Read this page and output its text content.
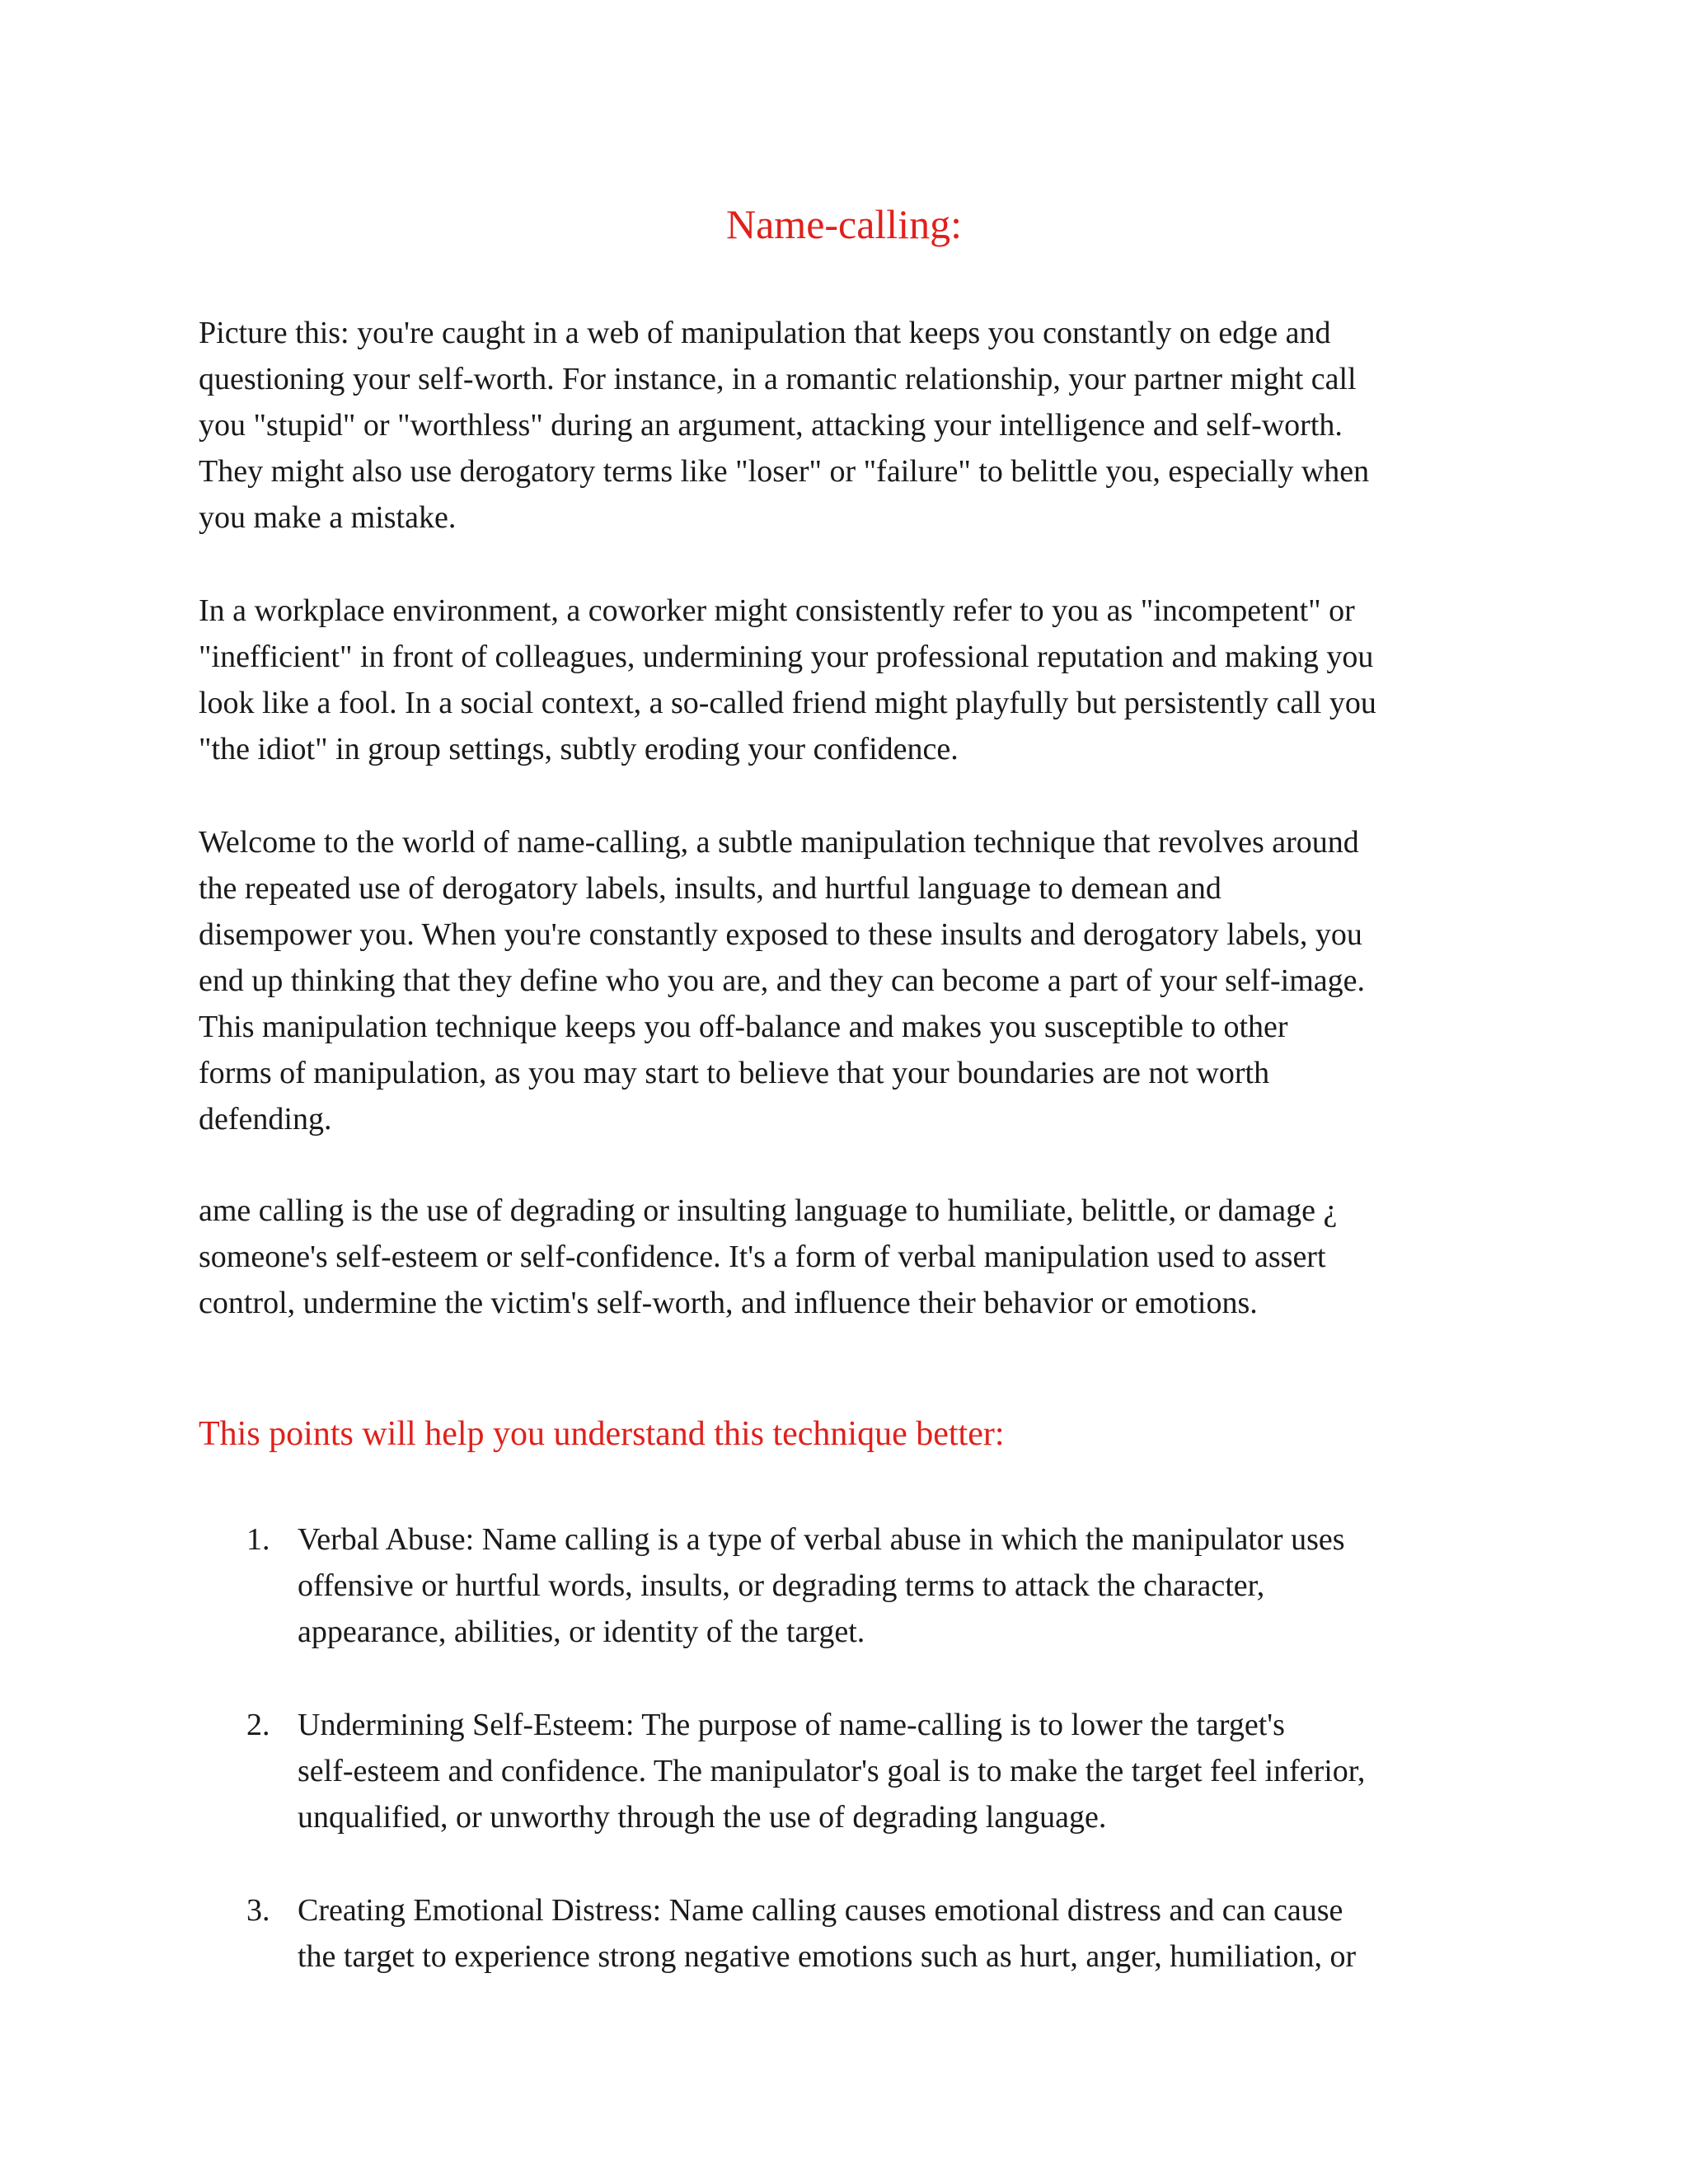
Name-calling:

Picture this: you're caught in a web of manipulation that keeps you constantly on edge and
questioning your self-worth. For instance, in a romantic relationship, your partner might call
you "stupid" or "worthless" during an argument, attacking your intelligence and self-worth.
They might also use derogatory terms like "loser" or "failure" to belittle you, especially when
you make a mistake.

In a workplace environment, a coworker might consistently refer to you as "incompetent" or
"inefficient" in front of colleagues, undermining your professional reputation and making you
look like a fool. In a social context, a so-called friend might playfully but persistently call you
"the idiot" in group settings, subtly eroding your confidence.

Welcome to the world of name-calling, a subtle manipulation technique that revolves around
the repeated use of derogatory labels, insults, and hurtful language to demean and
disempower you. When you're constantly exposed to these insults and derogatory labels, you
end up thinking that they define who you are, and they can become a part of your self-image.
This manipulation technique keeps you off-balance and makes you susceptible to other
forms of manipulation, as you may start to believe that your boundaries are not worth
defending.

ame calling is the use of degrading or insulting language to humiliate, belittle, or damage ¿
someone's self-esteem or self-confidence. It's a form of verbal manipulation used to assert
control, undermine the victim's self-worth, and influence their behavior or emotions.

This points will help you understand this technique better:
1. Verbal Abuse: Name calling is a type of verbal abuse in which the manipulator uses
offensive or hurtful words, insults, or degrading terms to attack the character,
appearance, abilities, or identity of the target.
2. Undermining Self-Esteem: The purpose of name-calling is to lower the target's
self-esteem and confidence. The manipulator's goal is to make the target feel inferior,
unqualified, or unworthy through the use of degrading language.
3. Creating Emotional Distress: Name calling causes emotional distress and can cause
the target to experience strong negative emotions such as hurt, anger, humiliation, or
